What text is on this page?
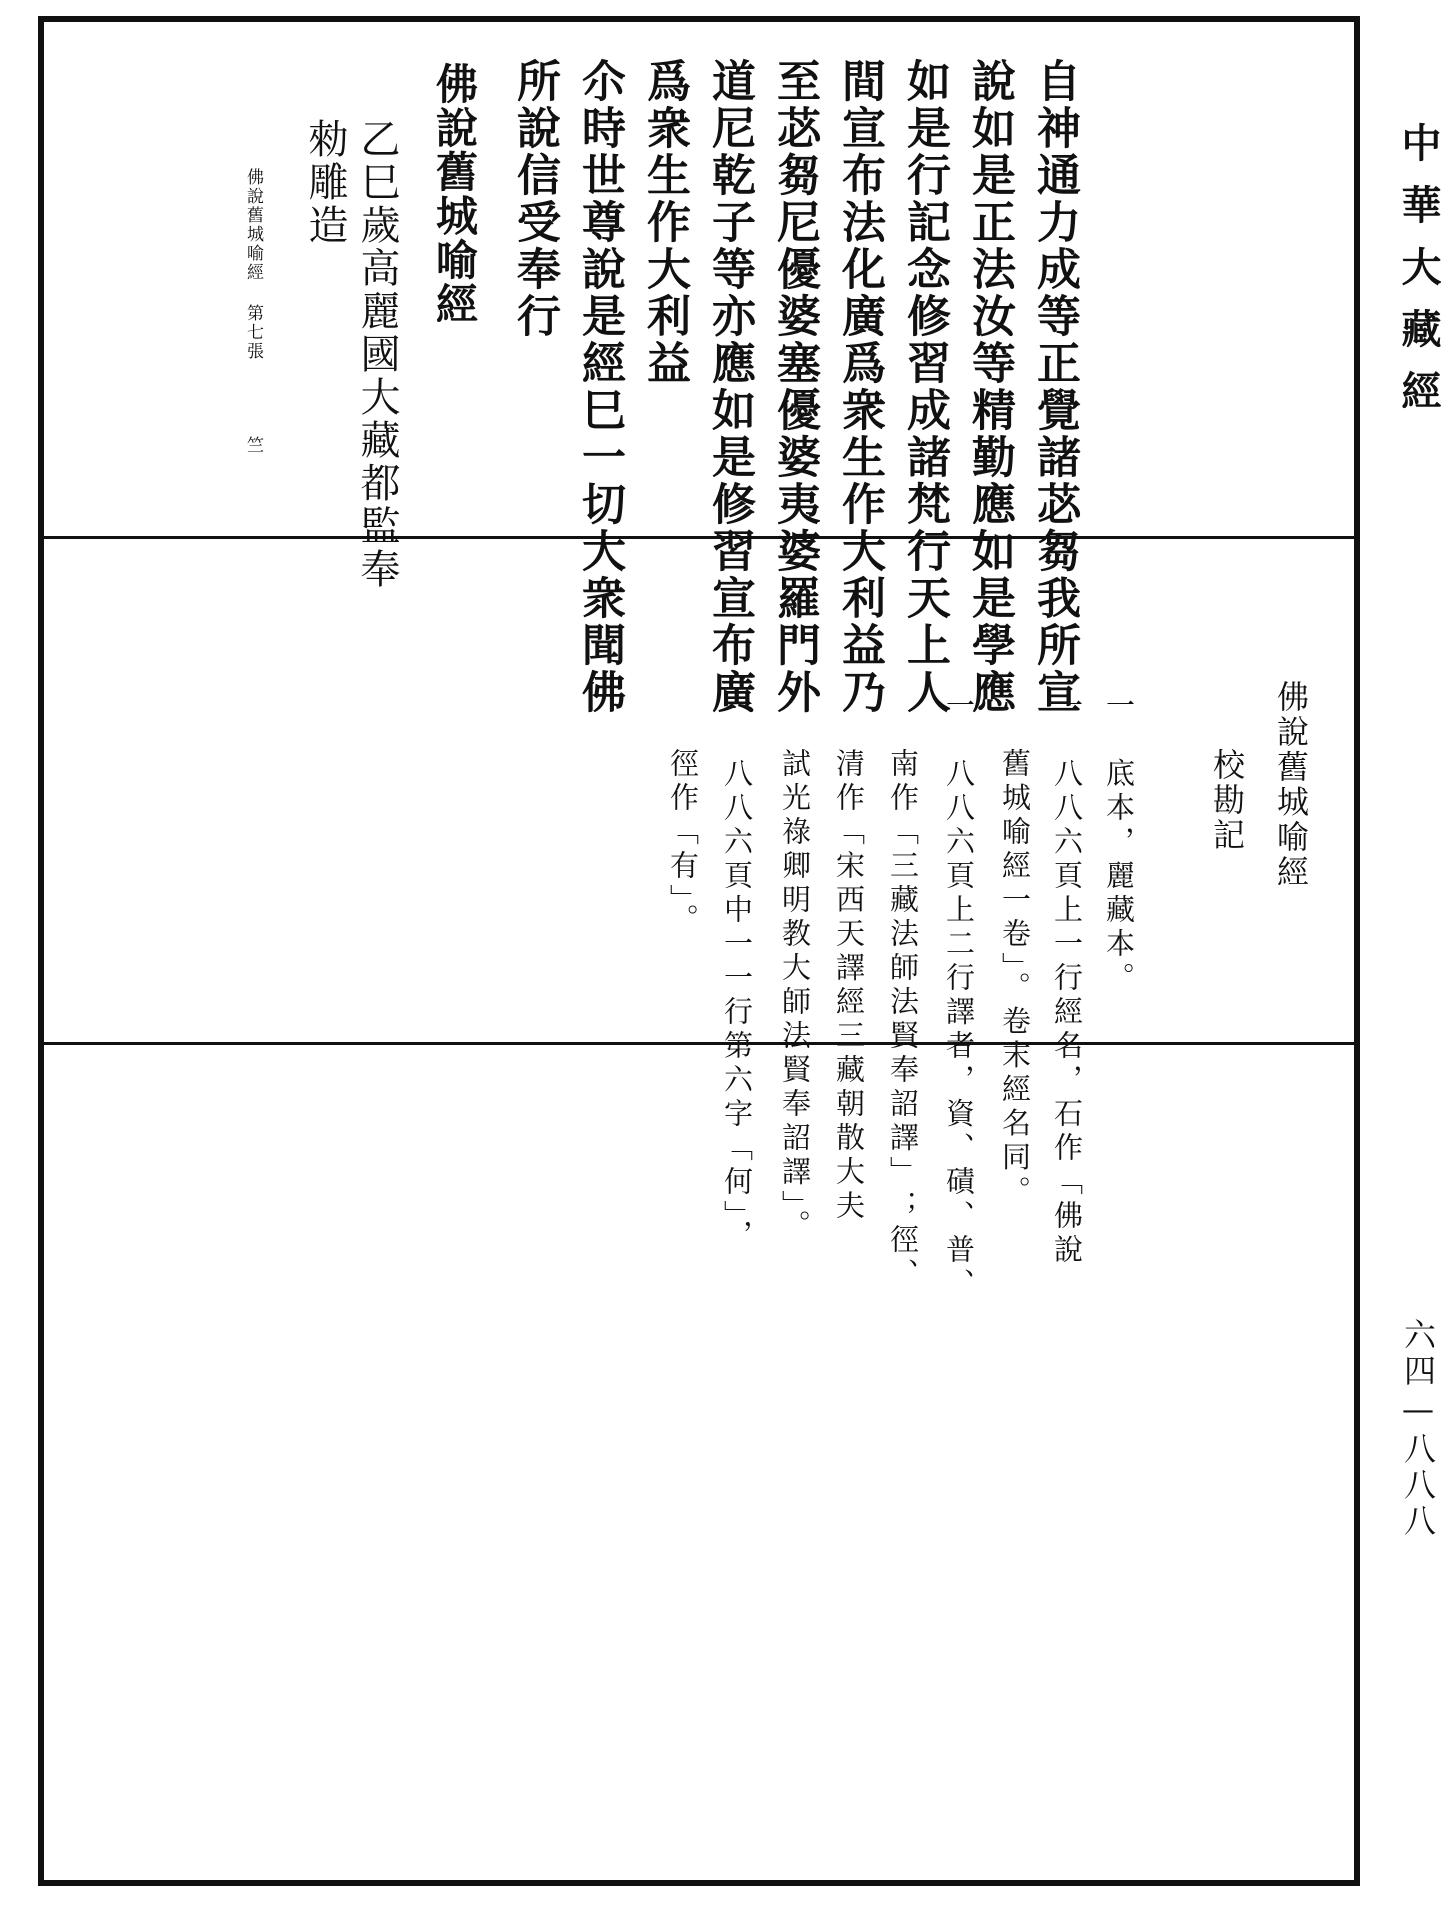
自神通力成等正覺諸苾芻我所宣
說如是正法汝等精勤應如是學應
如是行記念修習成諸梵行天上人
間宣布法化廣爲衆生作大利益乃
至苾芻尼優婆塞優婆夷婆羅門外
道尼乾子等亦應如是修習宣布廣
爲衆生作大利益
尒時世尊說是經巳一切大衆聞佛
所說信受奉行
佛說舊城喻經
乙巳歲高麗國大藏都監奉
勑雕造
佛說舊城喻經 第七張
竺
佛說舊城喻經
校勘記
一　底本，麗藏本。
一　八八六頁上一行經名，石作「佛說
舊城喻經一卷」。卷末經名同。
一　八八六頁上二行譯者，資、磧、普、
南作「三藏法師法賢奉詔譯」；徑、
清作「宋西天譯經三藏朝散大夫
試光祿卿明教大師法賢奉詔譯」。
一　八八六頁中一一行第六字「何」，
徑作「有」。
中華大藏經
六四—八八八
